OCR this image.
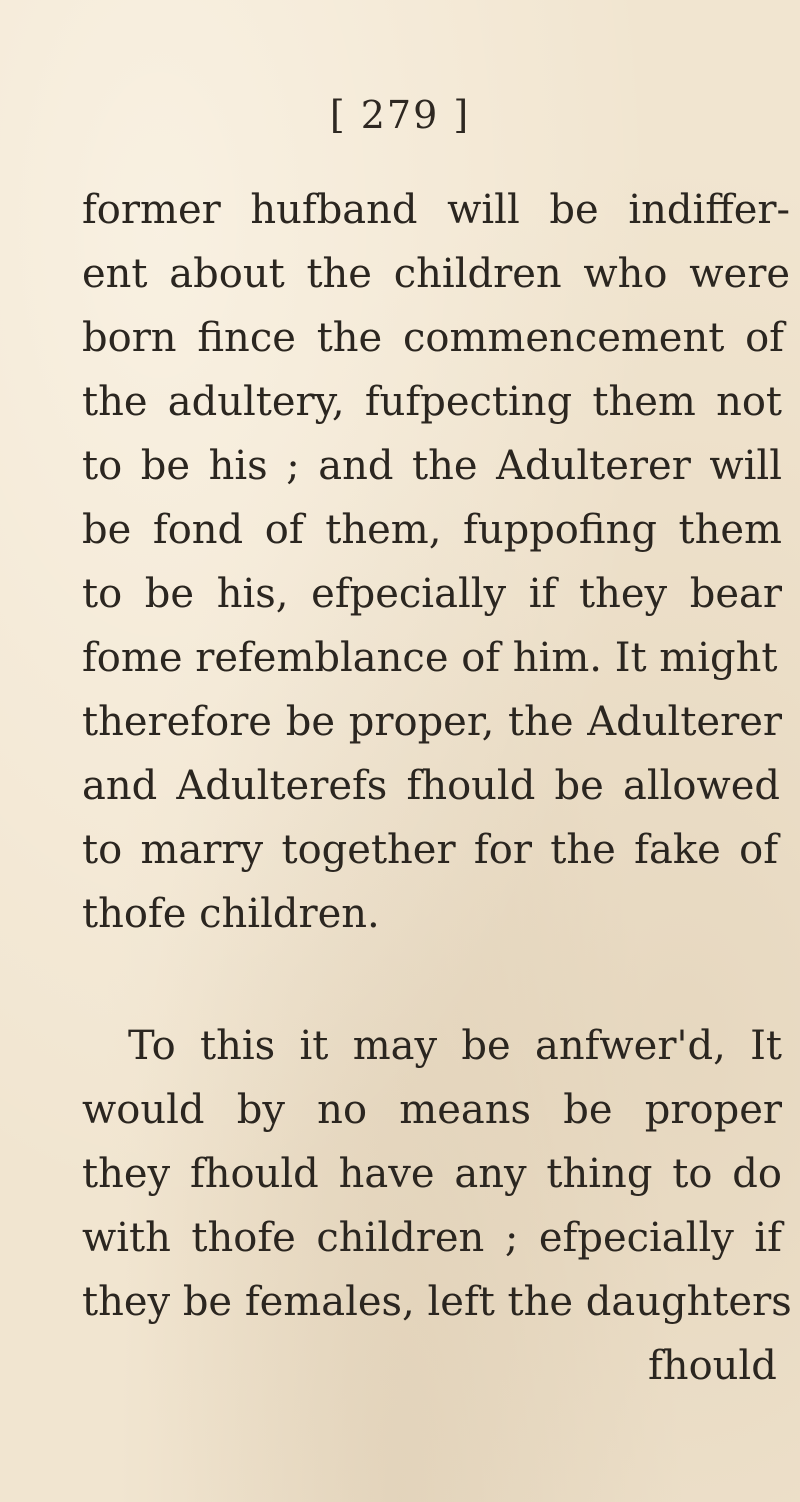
[ 279 ]
former hufband will be indiffer-
ent about the children who were
born fince the commencement of
the adultery, fufpecting them not
to be his ; and the Adulterer will
be fond of them, fuppofing them
to be his, efpecially if they bear
fome refemblance of him. It might
therefore be proper, the Adulterer
and Adulterefs fhould be allowed
to marry together for the fake of
thofe children.
To this it may be anfwer'd, It
would by no means be proper
they fhould have any thing to do
with thofe children ; efpecially if
they be females, left the daughters
fhould
